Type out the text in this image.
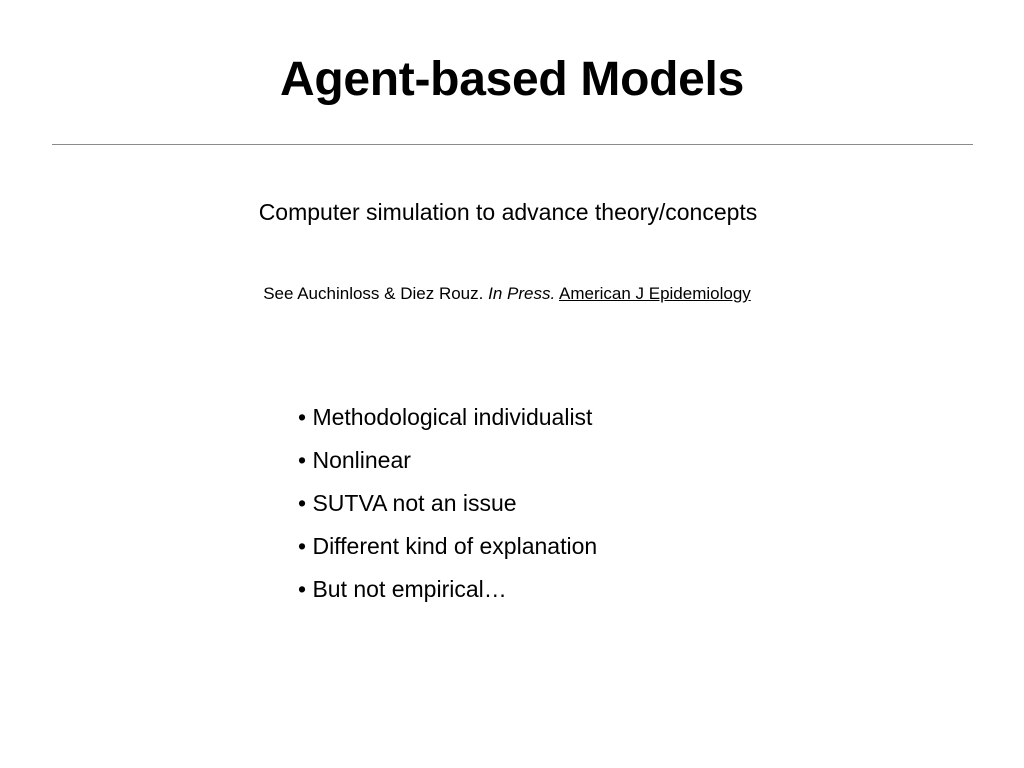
Agent-based Models
Computer simulation to advance theory/concepts
See Auchinloss & Diez Rouz. In Press. American J Epidemiology
• Methodological individualist
• Nonlinear
• SUTVA not an issue
• Different kind of explanation
• But not empirical…
